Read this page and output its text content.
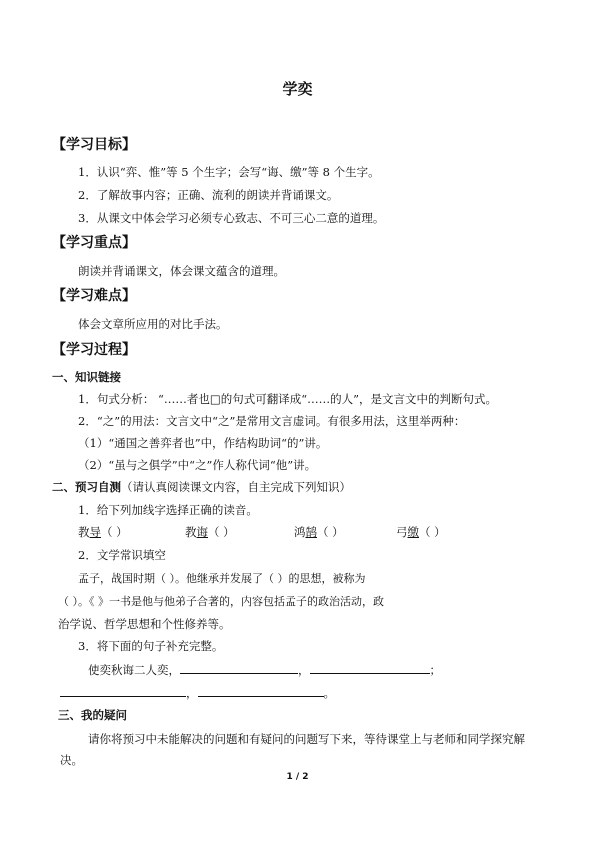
学奕
【学习目标】
1．认识“弈、惟”等 5 个生字；会写“诲、缴”等 8 个生字。
2．了解故事内容；正确、流利的朗读并背诵课文。
3．从课文中体会学习必须专心致志、不可三心二意的道理。
【学习重点】
朗读并背诵课文，体会课文蕴含的道理。
【学习难点】
体会文章所应用的对比手法。
【学习过程】
一、知识链接
1．句式分析： “……者也□的句式可翻译成“……的人”，是文言文中的判断句式。
2．“之”的用法：文言文中“之”是常用文言虚词。有很多用法，这里举两种：
（1）“通国之善弈者也”中，作结构助词“的”讲。
（2）“虽与之俱学”中“之”作人称代词“他”讲。
二、预习自测（请认真阅读课文内容，自主完成下列知识）
1．给下列加线字选择正确的读音。
教导（ ）	教诲（ ）	鸿鹄（ ）	弓缴（ ）
2．文学常识填空
孟子，战国时期（ ）。他继承并发展了（ ）的思想，被称为
（ ）。《 》一书是他与他弟子合著的，内容包括孟子的政治活动，政
治学说、哲学思想和个性修养等。
3．将下面的句子补充完整。
使奕秋诲二人奕，	，	；
，	。
三、我的疑问
请你将预习中未能解决的问题和有疑问的问题写下来，等待课堂上与老师和同学探究解
决。
1 / 2
